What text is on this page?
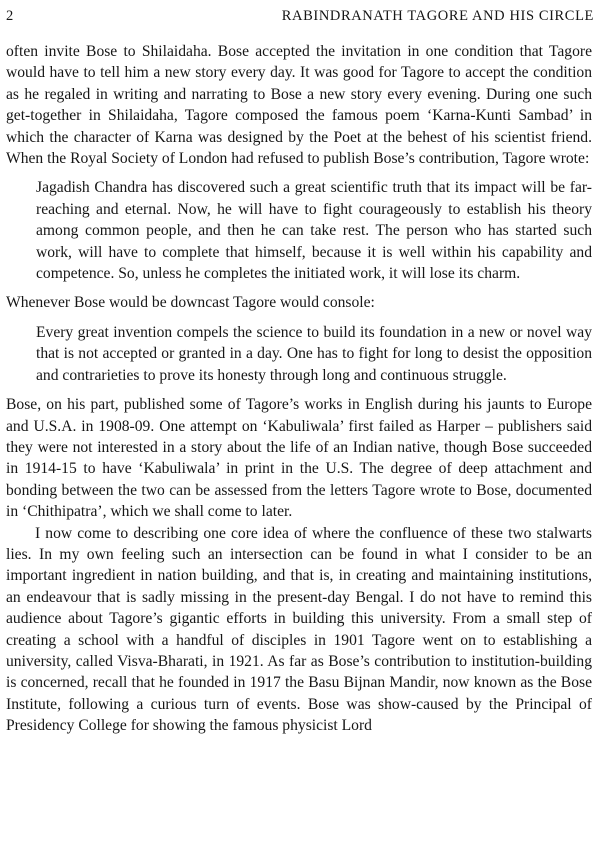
2	RABINDRANATH TAGORE AND HIS CIRCLE

often invite Bose to Shilaidaha. Bose accepted the invitation in one condition that Tagore would have to tell him a new story every day. It was good for Tagore to accept the condition as he regaled in writing and narrating to Bose a new story every evening. During one such get-together in Shilaidaha, Tagore composed the famous poem ‘Karna-Kunti Sambad’ in which the character of Karna was designed by the Poet at the behest of his scientist friend. When the Royal Society of London had refused to publish Bose’s contribution, Tagore wrote:

Jagadish Chandra has discovered such a great scientific truth that its impact will be far-reaching and eternal. Now, he will have to fight courageously to establish his theory among common people, and then he can take rest. The person who has started such work, will have to complete that himself, because it is well within his capability and competence. So, unless he completes the initiated work, it will lose its charm.

Whenever Bose would be downcast Tagore would console:

Every great invention compels the science to build its foundation in a new or novel way that is not accepted or granted in a day. One has to fight for long to desist the opposition and contrarieties to prove its honesty through long and continuous struggle.

Bose, on his part, published some of Tagore’s works in English during his jaunts to Europe and U.S.A. in 1908-09. One attempt on ‘Kabuliwala’ first failed as Harper – publishers said they were not interested in a story about the life of an Indian native, though Bose succeeded in 1914-15 to have ‘Kabuliwala’ in print in the U.S. The degree of deep attachment and bonding between the two can be assessed from the letters Tagore wrote to Bose, documented in ‘Chithipatra’, which we shall come to later.

I now come to describing one core idea of where the confluence of these two stalwarts lies. In my own feeling such an intersection can be found in what I consider to be an important ingredient in nation building, and that is, in creating and maintaining institutions, an endeavour that is sadly missing in the present-day Bengal. I do not have to remind this audience about Tagore’s gigantic efforts in building this university. From a small step of creating a school with a handful of disciples in 1901 Tagore went on to establishing a university, called Visva-Bharati, in 1921. As far as Bose’s contribution to institution-building is concerned, recall that he founded in 1917 the Basu Bijnan Mandir, now known as the Bose Institute, following a curious turn of events. Bose was show-caused by the Principal of Presidency College for showing the famous physicist Lord
